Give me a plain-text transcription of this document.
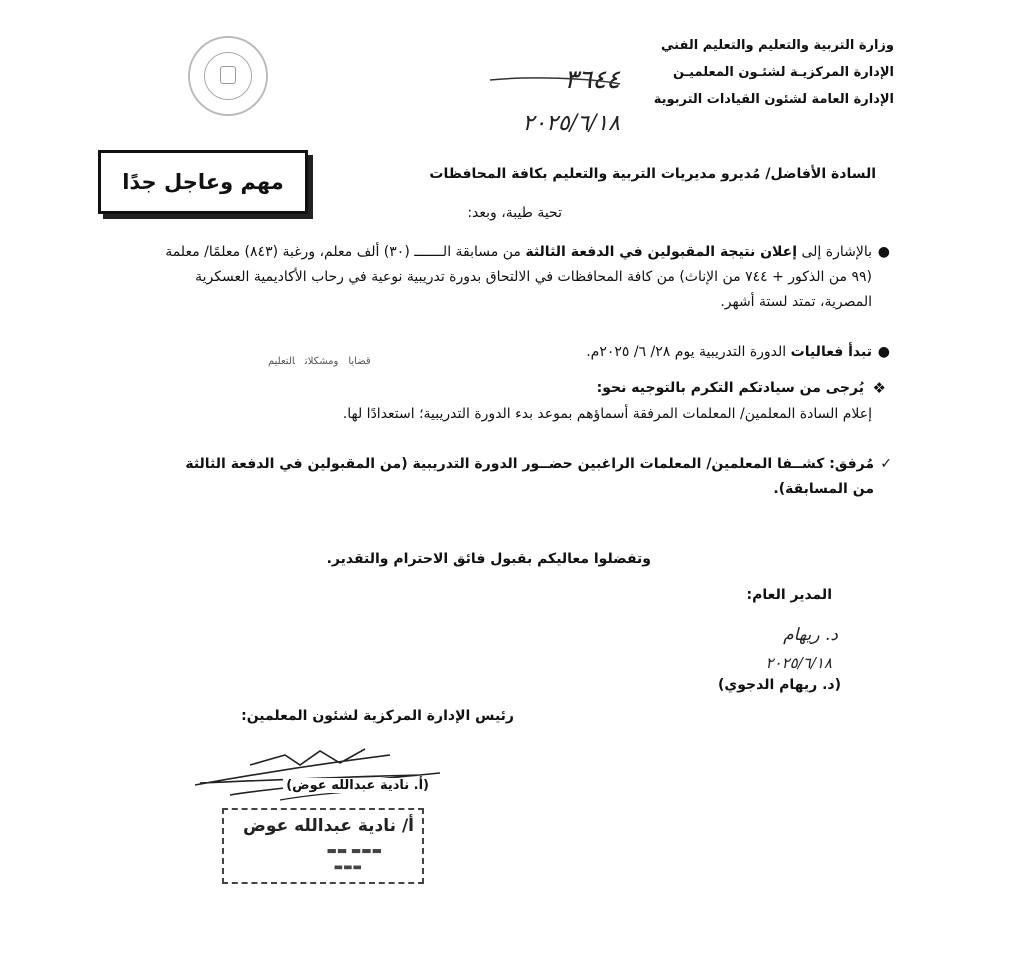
وزارة التربية والتعليم والتعليم الفني
الإدارة المركزيـة لشئـون المعلميـن
الإدارة العامة لشئون القيادات التربوية
٣٦٤٤
٢٠٢٥/٦/١٨
مهم وعاجل جدًا	السادة الأفاضل/ مُديرو مديريات التربية والتعليم بكافة المحافظات
تحية طيبة، وبعد:
●
بالإشارة إلى إعلان نتيجة المقبولين في الدفعة الثالثة من مسابقة الـــــــ (٣٠) ألف معلم، ورغبة (٨٤٣) معلمًا/ معلمة (٩٩ من الذكور + ٧٤٤ من الإناث) من كافة المحافظات في الالتحاق بدورة تدريبية نوعية في رحاب الأكاديمية العسكرية المصرية، تمتد لستة أشهر.
●
تبدأ فعاليات الدورة التدريبية يوم ٢٨/ ٦/ ٢٠٢٥م.
قضاياومشكلاتالتعليم
❖
يُرجى من سيادتكم التكرم بالتوجيه نحو:
إعلام السادة المعلمين/ المعلمات المرفقة أسماؤهم بموعد بدء الدورة التدريبية؛ استعدادًا لها.
✓
مُرفق: كشــفا المعلمين/ المعلمات الراغبين حضــور الدورة التدريبية (من المقبولين في الدفعة الثالثة من المسابقة).
وتفضلوا معاليكم بقبول فائق الاحترام والتقدير.
المدير العام:
د. ريهام
٢٠٢٥/٦/١٨
(د. ريهام الدجوي)
رئيس الإدارة المركزية لشئون المعلمين:
(أ. نادية عبدالله عوض)
أ/ نادية عبدالله عوض
▬▬ ▬▬▬
▬▬▬
